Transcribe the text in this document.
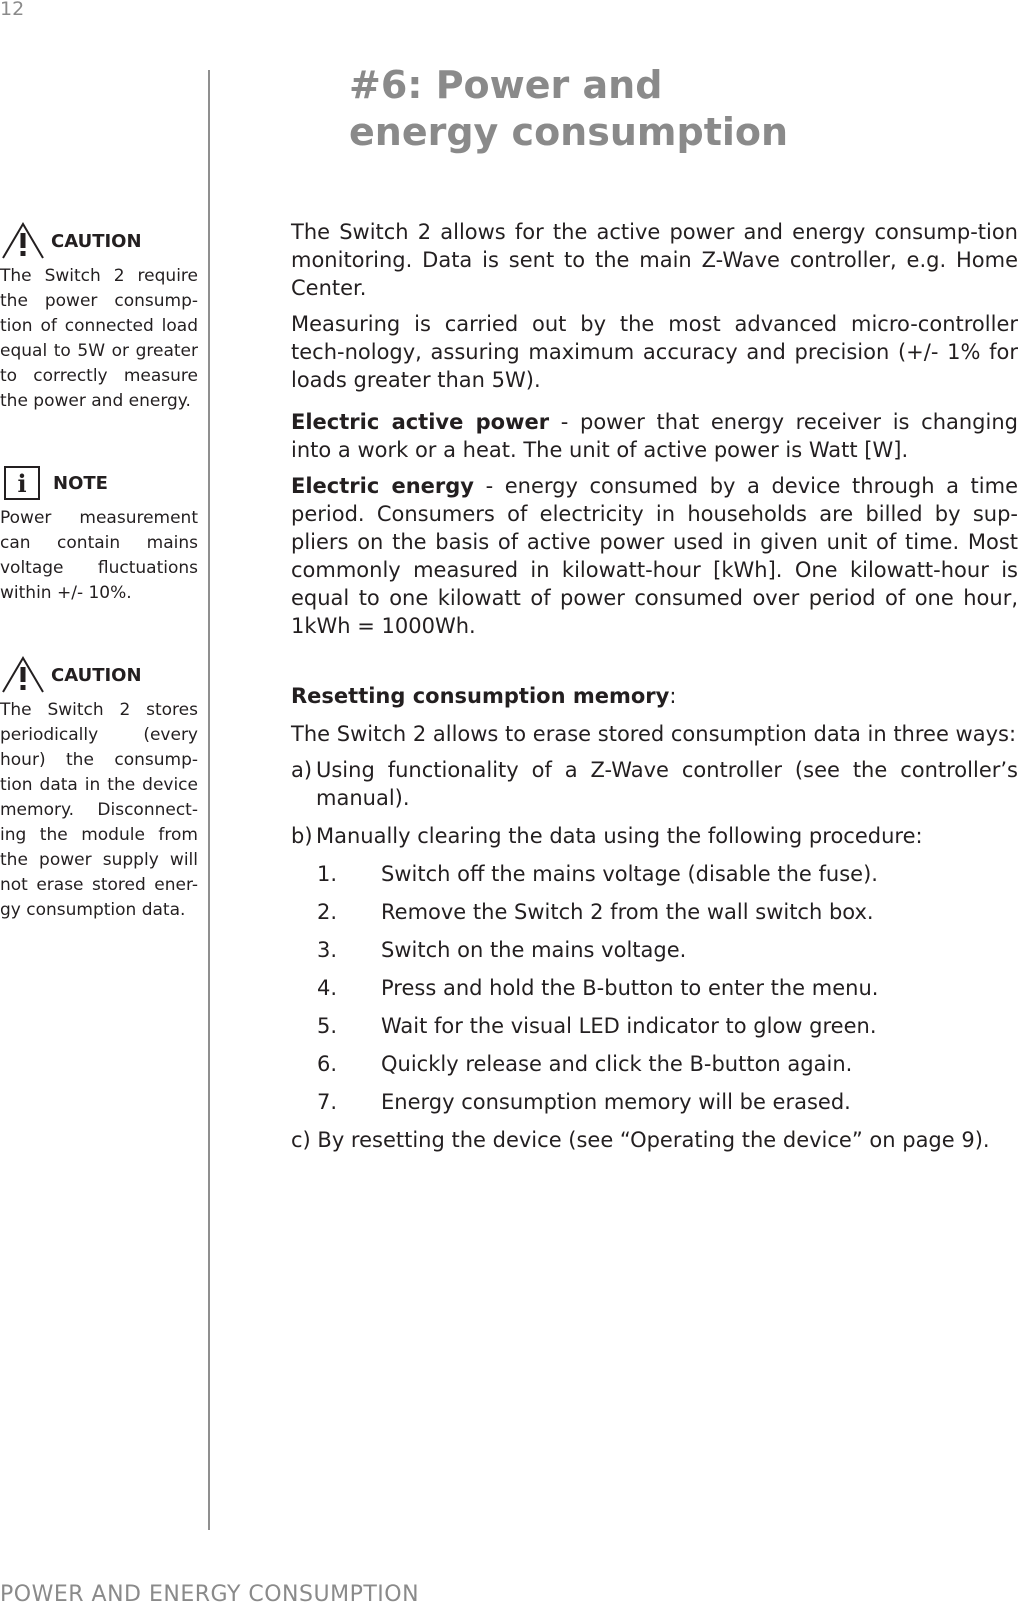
12
#6: Power and energy consumption
CAUTION

The Switch 2 require the power consump-tion of connected load equal to 5W or greater to correctly measure the power and energy.

i	NOTE

Power measurement can contain mains voltage fluctuations within +/- 10%.

CAUTION

The Switch 2 stores periodically (every hour) the consump-tion data in the device memory. Disconnect-ing the module from the power supply will not erase stored ener-gy consumption data.

The Switch 2 allows for the active power and energy consump-tion monitoring. Data is sent to the main Z-Wave controller, e.g. Home Center.

Measuring is carried out by the most advanced micro-controller tech-nology, assuring maximum accuracy and precision (+/- 1% for loads greater than 5W).

Electric active power - power that energy receiver is changing into a work or a heat. The unit of active power is Watt [W].

Electric energy - energy consumed by a device through a time period. Consumers of electricity in households are billed by sup-pliers on the basis of active power used in given unit of time. Most commonly measured in kilowatt-hour [kWh]. One kilowatt-hour is equal to one kilowatt of power consumed over period of one hour, 1kWh = 1000Wh.

Resetting consumption memory:

The Switch 2 allows to erase stored consumption data in three ways:

a) Using functionality of a Z-Wave controller (see the controller’s manual).
b) Manually clearing the data using the following procedure:
1.	Switch off the mains voltage (disable the fuse).
2.	Remove the Switch 2 from the wall switch box.
3.	Switch on the mains voltage.
4.	Press and hold the B-button to enter the menu.
5.	Wait for the visual LED indicator to glow green.
6.	Quickly release and click the B-button again.
7.	Energy consumption memory will be erased.

c) By resetting the device (see “Operating the device” on page 9).

POWER AND ENERGY CONSUMPTION
